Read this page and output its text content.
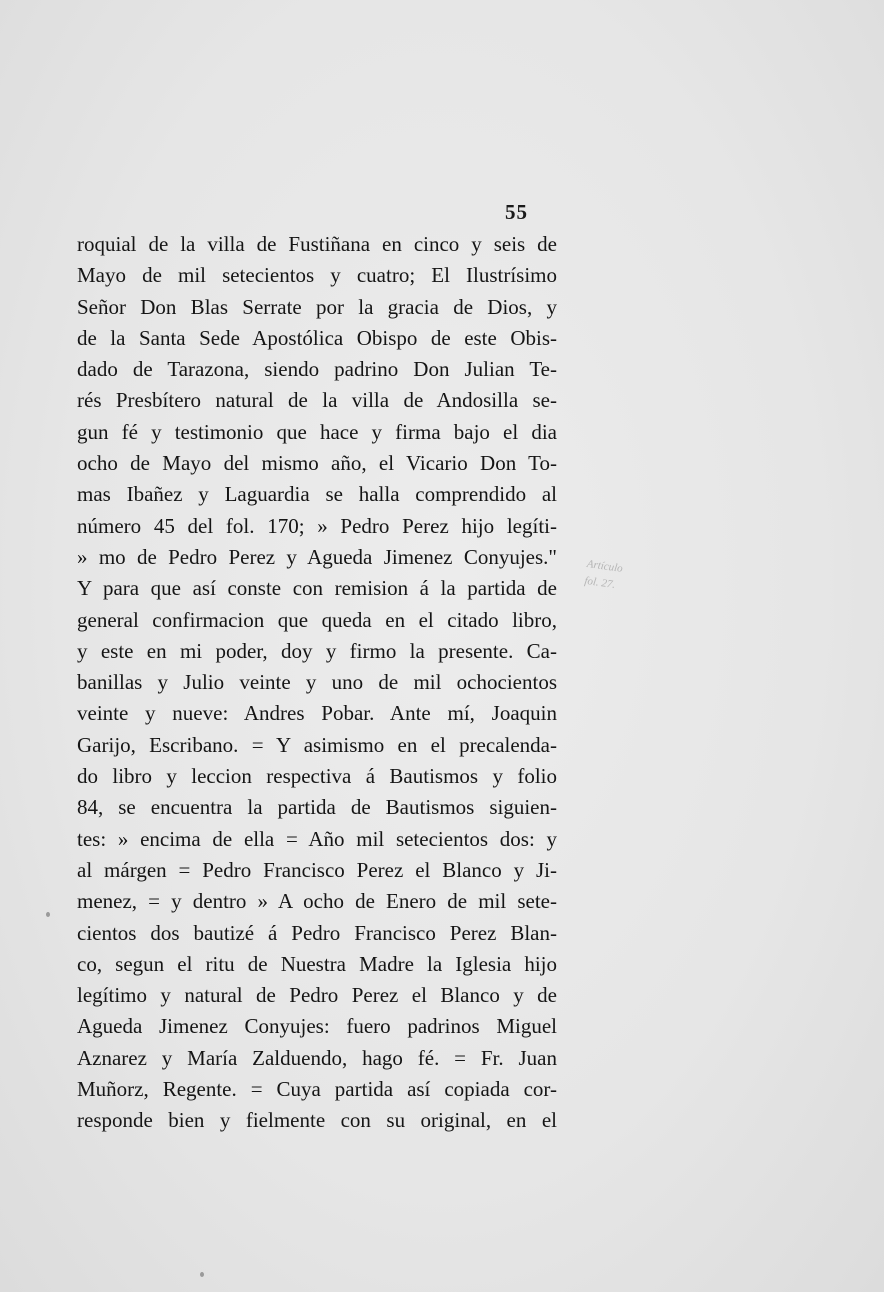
55
roquial de la villa de Fustiñana en cinco y seis de
Mayo de mil setecientos y cuatro; El Ilustrísimo
Señor Don Blas Serrate por la gracia de Dios, y
de la Santa Sede Apostólica Obispo de este Obis-
dado de Tarazona, siendo padrino Don Julian Te-
rés Presbítero natural de la villa de Andosilla se-
gun fé y testimonio que hace y firma bajo el dia
ocho de Mayo del mismo año, el Vicario Don To-
mas Ibañez y Laguardia se halla comprendido al
número 45 del fol. 170; » Pedro Perez hijo legíti-
» mo de Pedro Perez y Agueda Jimenez Conyujes."
Y para que así conste con remision á la partida de
general confirmacion que queda en el citado libro,
y este en mi poder, doy y firmo la presente. Ca-
banillas y Julio veinte y uno de mil ochocientos
veinte y nueve: Andres Pobar. Ante mí, Joaquin
Garijo, Escribano. = Y asimismo en el precalenda-
do libro y leccion respectiva á Bautismos y folio
84, se encuentra la partida de Bautismos siguien-
tes: » encima de ella = Año mil setecientos dos: y
al márgen = Pedro Francisco Perez el Blanco y Ji-
menez, = y dentro » A ocho de Enero de mil sete-
cientos dos bautizé á Pedro Francisco Perez Blan-
co, segun el ritu de Nuestra Madre la Iglesia hijo
legítimo y natural de Pedro Perez el Blanco y de
Agueda Jimenez Conyujes: fuero padrinos Miguel
Aznarez y María Zalduendo, hago fé. = Fr. Juan
Muñorz, Regente. = Cuya partida así copiada cor-
responde bien y fielmente con su original, en el
Artículo
fol. 27.
